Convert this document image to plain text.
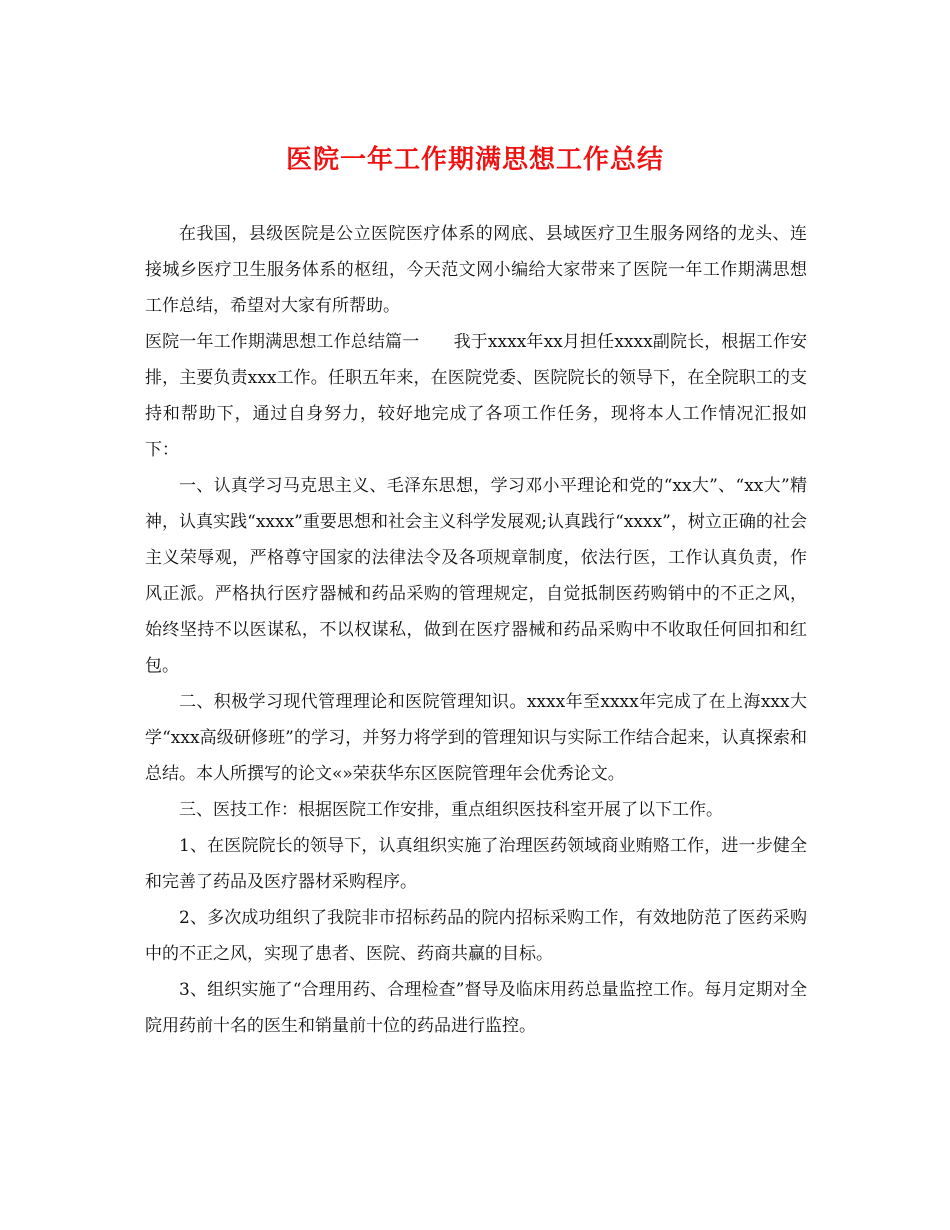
医院一年工作期满思想工作总结

在我国，县级医院是公立医院医疗体系的网底、县域医疗卫生服务网络的龙头、连接城乡医疗卫生服务体系的枢纽，今天范文网小编给大家带来了医院一年工作期满思想工作总结，希望对大家有所帮助。

医院一年工作期满思想工作总结篇一　　我于xxxx年xx月担任xxxx副院长，根据工作安排，主要负责xxx工作。任职五年来，在医院党委、医院院长的领导下，在全院职工的支持和帮助下，通过自身努力，较好地完成了各项工作任务，现将本人工作情况汇报如下：

一、认真学习马克思主义、毛泽东思想，学习邓小平理论和党的“xx大”、“xx大”精神，认真实践“xxxx”重要思想和社会主义科学发展观;认真践行“xxxx”，树立正确的社会主义荣辱观，严格尊守国家的法律法令及各项规章制度，依法行医，工作认真负责，作风正派。严格执行医疗器械和药品采购的管理规定，自觉抵制医药购销中的不正之风，始终坚持不以医谋私，不以权谋私，做到在医疗器械和药品采购中不收取任何回扣和红包。

二、积极学习现代管理理论和医院管理知识。xxxx年至xxxx年完成了在上海xxx大学“xxx高级研修班”的学习，并努力将学到的管理知识与实际工作结合起来，认真探索和总结。本人所撰写的论文«»荣获华东区医院管理年会优秀论文。

三、医技工作：根据医院工作安排，重点组织医技科室开展了以下工作。

1、在医院院长的领导下，认真组织实施了治理医药领域商业贿赂工作，进一步健全和完善了药品及医疗器材采购程序。

2、多次成功组织了我院非市招标药品的院内招标采购工作，有效地防范了医药采购中的不正之风，实现了患者、医院、药商共赢的目标。

3、组织实施了“合理用药、合理检查”督导及临床用药总量监控工作。每月定期对全院用药前十名的医生和销量前十位的药品进行监控。
